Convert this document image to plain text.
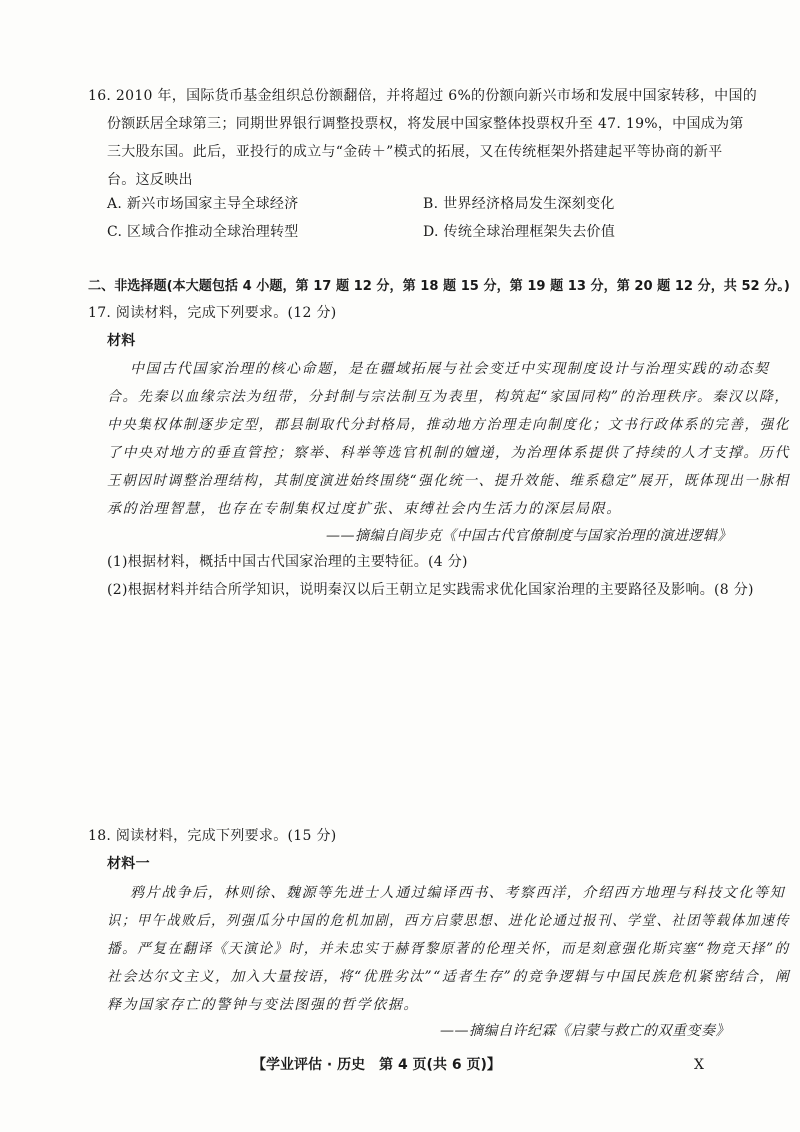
16. 2010 年，国际货币基金组织总份额翻倍，并将超过 6%的份额向新兴市场和发展中国家转移，中国的
份额跃居全球第三；同期世界银行调整投票权，将发展中国家整体投票权升至 47. 19%，中国成为第
三大股东国。此后，亚投行的成立与“金砖＋”模式的拓展，又在传统框架外搭建起平等协商的新平
台。这反映出
A. 新兴市场国家主导全球经济	B. 世界经济格局发生深刻变化
C. 区域合作推动全球治理转型	D. 传统全球治理框架失去价值
二、非选择题(本大题包括 4 小题，第 17 题 12 分，第 18 题 15 分，第 19 题 13 分，第 20 题 12 分，共 52 分。)
17. 阅读材料，完成下列要求。(12 分)
材料
中国古代国家治理的核心命题，是在疆域拓展与社会变迁中实现制度设计与治理实践的动态契
合。先秦以血缘宗法为纽带，分封制与宗法制互为表里，构筑起“家国同构”的治理秩序。秦汉以降，
中央集权体制逐步定型，郡县制取代分封格局，推动地方治理走向制度化；文书行政体系的完善，强化
了中央对地方的垂直管控；察举、科举等选官机制的嬗递，为治理体系提供了持续的人才支撑。历代
王朝因时调整治理结构，其制度演进始终围绕“强化统一、提升效能、维系稳定”展开，既体现出一脉相
承的治理智慧，也存在专制集权过度扩张、束缚社会内生活力的深层局限。
——摘编自阎步克《中国古代官僚制度与国家治理的演进逻辑》
(1)根据材料，概括中国古代国家治理的主要特征。(4 分)
(2)根据材料并结合所学知识，说明秦汉以后王朝立足实践需求优化国家治理的主要路径及影响。(8 分)
18. 阅读材料，完成下列要求。(15 分)
材料一
鸦片战争后，林则徐、魏源等先进士人通过编译西书、考察西洋，介绍西方地理与科技文化等知
识；甲午战败后，列强瓜分中国的危机加剧，西方启蒙思想、进化论通过报刊、学堂、社团等载体加速传
播。严复在翻译《天演论》时，并未忠实于赫胥黎原著的伦理关怀，而是刻意强化斯宾塞“物竞天择”的
社会达尔文主义，加入大量按语，将“优胜劣汰”“适者生存”的竞争逻辑与中国民族危机紧密结合，阐
释为国家存亡的警钟与变法图强的哲学依据。
——摘编自许纪霖《启蒙与救亡的双重变奏》
【学业评估 · 历史　第 4 页(共 6 页)】	X
